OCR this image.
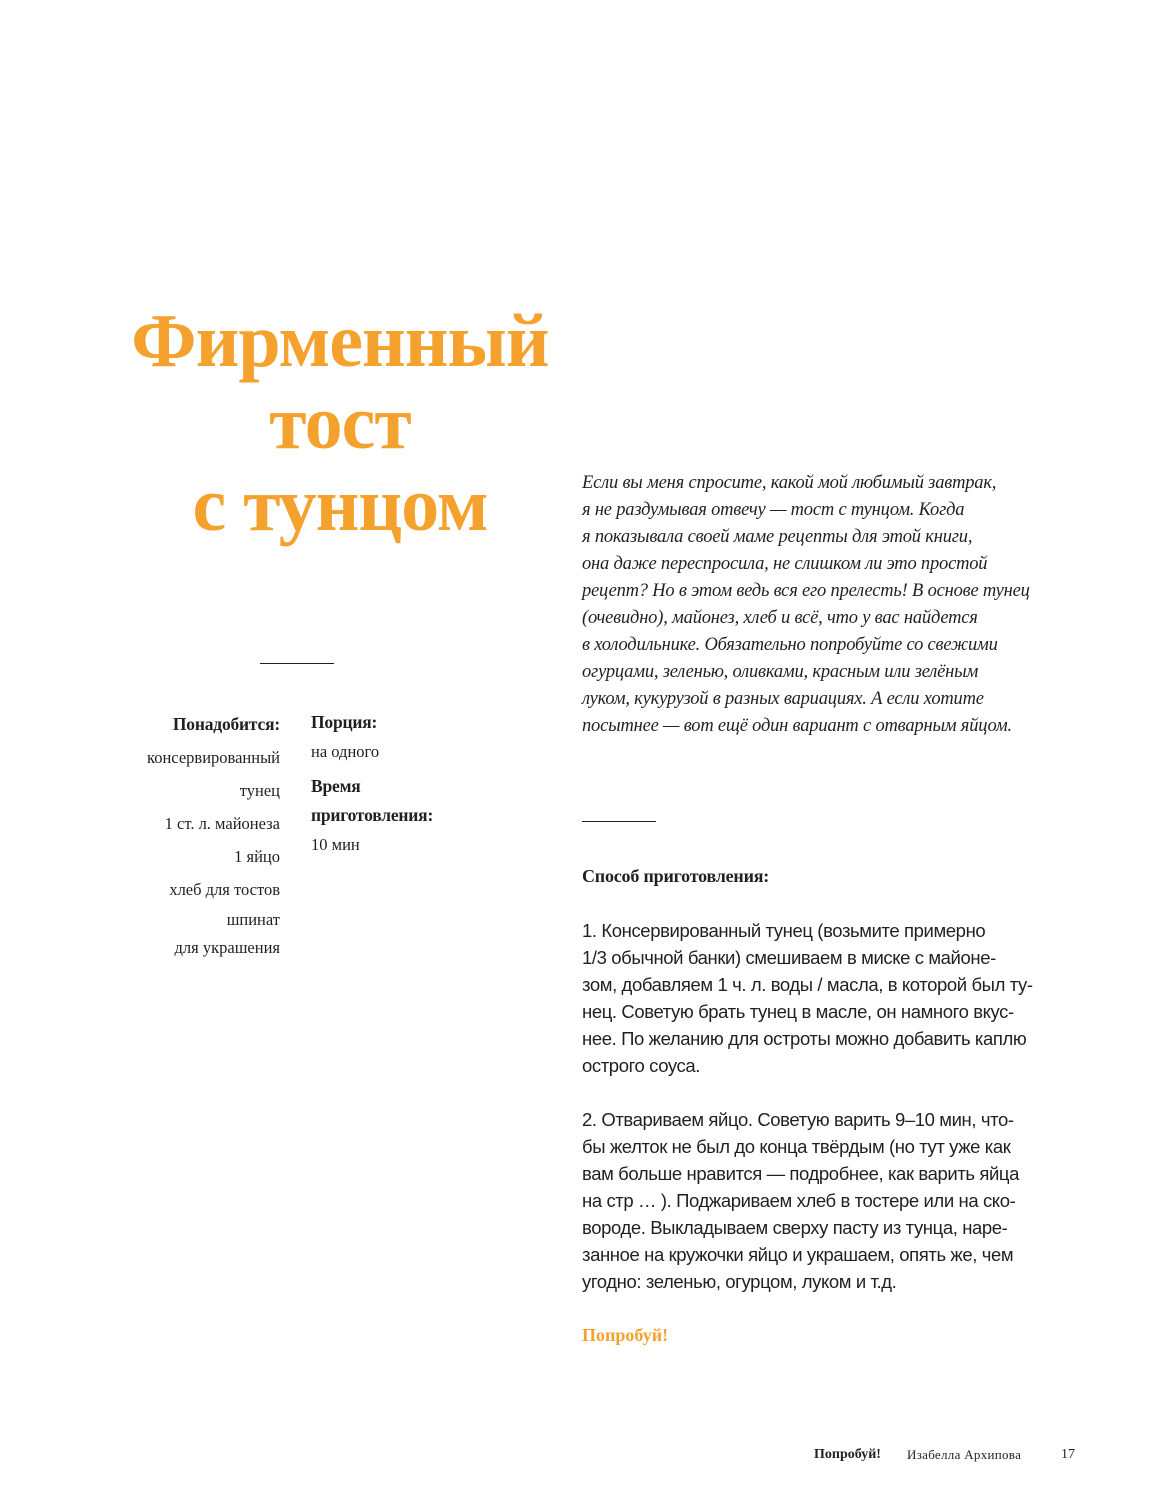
Фирменный
тост
с тунцом	Если вы меня спросите, какой мой любимый завтрак,
я не раздумывая отвечу — тост с тунцом. Когда
я показывала своей маме рецепты для этой книги,
она даже переспросила, не слишком ли это простой
рецепт? Но в этом ведь вся его прелесть! В основе тунец
(очевидно), майонез, хлеб и всё, что у вас найдется
в холодильнике. Обязательно попробуйте со свежими
огурцами, зеленью, оливками, красным или зелёным
луком, кукурузой в разных вариациях. А если хотите
посытнее — вот ещё один вариант с отварным яйцом.
Понадобится:
консервированный
тунец
1 ст. л. майонеза
1 яйцо
хлеб для тостов
шпинат
для украшения
Порция:
на одного
Время
приготовления:
10 мин
Способ приготовления:
1. Консервированный тунец (возьмите примерно
1/3 обычной банки) смешиваем в миске с майоне-
зом, добавляем 1 ч. л. воды / масла, в которой был ту-
нец. Советую брать тунец в масле, он намного вкус-
нее. По желанию для остроты можно добавить каплю
острого соуса.
2. Отвариваем яйцо. Советую варить 9–10 мин, что-
бы желток не был до конца твёрдым (но тут уже как
вам больше нравится — подробнее, как варить яйца
на стр … ). Поджариваем хлеб в тостере или на ско-
вороде. Выкладываем сверху пасту из тунца, наре-
занное на кружочки яйцо и украшаем, опять же, чем
угодно: зеленью, огурцом, луком и т.д.
Попробуй!
Попробуй! Изабелла Архипова	17
